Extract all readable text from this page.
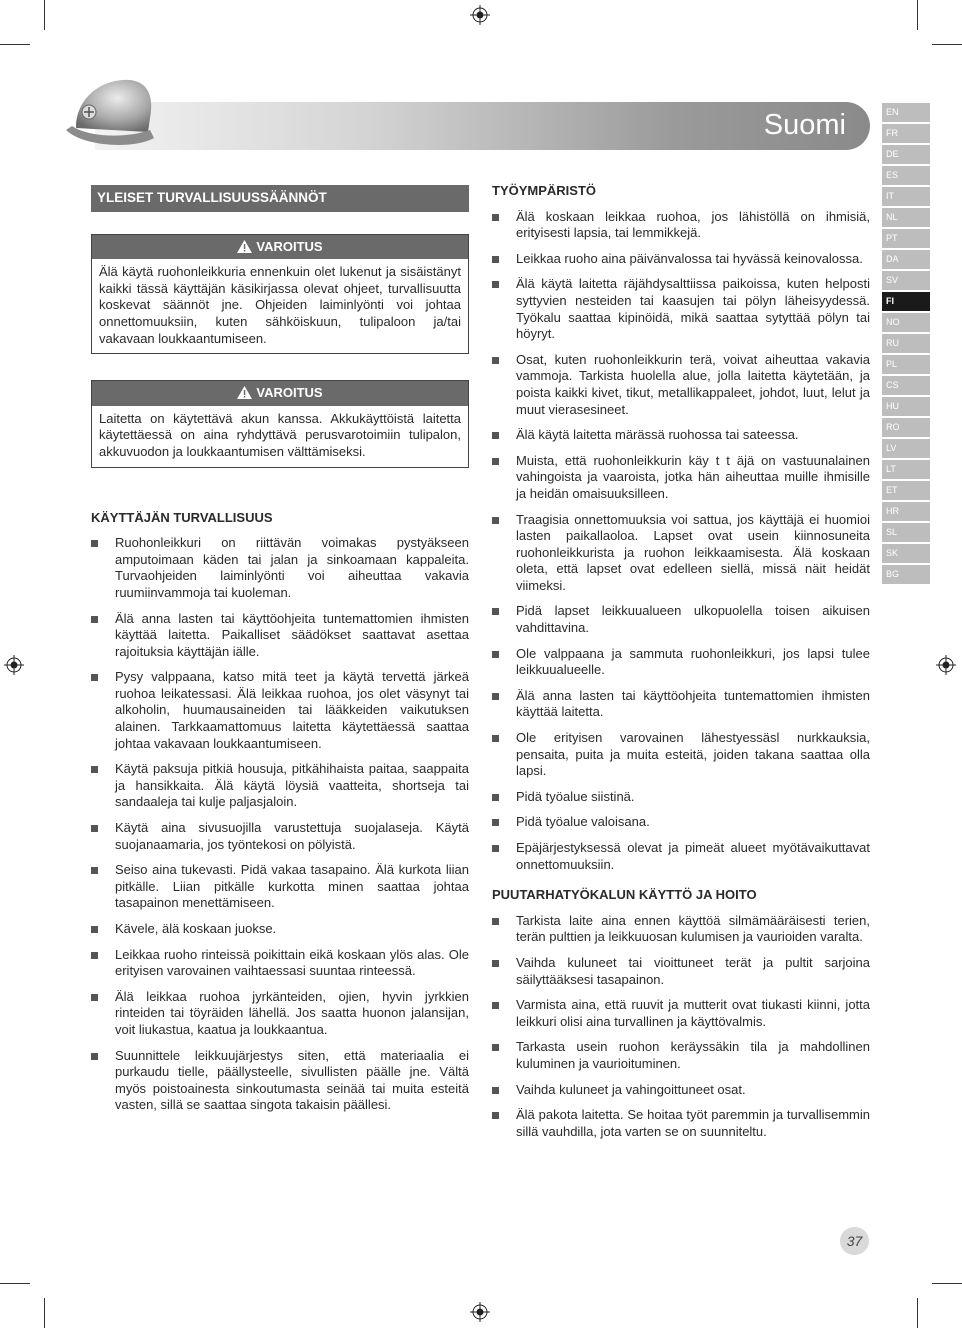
Suomi	EN
FR
DE
ES
IT
NL
PT
DA
SV
FI
NO
RU
PL
CS
HU
RO
LV
LT
ET
HR
SL
SK
BG
YLEISET TURVALLISUUSSÄÄNNÖT
VAROITUS
Älä käytä ruohonleikkuria ennenkuin olet lukenut ja sisäistänyt kaikki tässä käyttäjän käsikirjassa olevat ohjeet, turvallisuutta koskevat säännöt jne. Ohjeiden laiminlyönti voi johtaa onnettomuuksiin, kuten sähköiskuun, tulipaloon ja/tai vakavaan loukkaantumiseen.
VAROITUS
Laitetta on käytettävä akun kanssa. Akkukäyttöistä laitetta käytettäessä on aina ryhdyttävä perusvarotoimiin tulipalon, akkuvuodon ja loukkaantumisen välttämiseksi.
KÄYTTÄJÄN TURVALLISUUS
Ruohonleikkuri on riittävän voimakas pystyäkseen amputoimaan käden tai jalan ja sinkoamaan kappaleita. Turvaohjeiden laiminlyönti voi aiheuttaa vakavia ruumiinvammoja tai kuoleman.
Älä anna lasten tai käyttöohjeita tuntemattomien ihmisten käyttää laitetta. Paikalliset säädökset saattavat asettaa rajoituksia käyttäjän iälle.
Pysy valppaana, katso mitä teet ja käytä tervettä järkeä ruohoa leikatessasi. Älä leikkaa ruohoa, jos olet väsynyt tai alkoholin, huumausaineiden tai lääkkeiden vaikutuksen alainen. Tarkkaamattomuus laitetta käytettäessä saattaa johtaa vakavaan loukkaantumiseen.
Käytä paksuja pitkiä housuja, pitkähihaista paitaa, saappaita ja hansikkaita. Älä käytä löysiä vaatteita, shortseja tai sandaaleja tai kulje paljasjaloin.
Käytä aina sivusuojilla varustettuja suojalaseja. Käytä suojanaamaria, jos työntekosi on pölyistä.
Seiso aina tukevasti. Pidä vakaa tasapaino. Älä kurkota liian pitkälle. Liian pitkälle kurkotta minen saattaa johtaa tasapainon menettämiseen.
Kävele, älä koskaan juokse.
Leikkaa ruoho rinteissä poikittain eikä koskaan ylös alas. Ole erityisen varovainen vaihtaessasi suuntaa rinteessä.
Älä leikkaa ruohoa jyrkänteiden, ojien, hyvin jyrkkien rinteiden tai töyräiden lähellä. Jos saatta huonon jalansijan, voit liukastua, kaatua ja loukkaantua.
Suunnittele leikkuujärjestys siten, että materiaalia ei purkaudu tielle, päällysteelle, sivullisten päälle jne. Vältä myös poistoainesta sinkoutumasta seinää tai muita esteitä vasten, sillä se saattaa singota takaisin päällesi.
TYÖYMPÄRISTÖ
Älä koskaan leikkaa ruohoa, jos lähistöllä on ihmisiä, erityisesti lapsia, tai lemmikkejä.
Leikkaa ruoho aina päivänvalossa tai hyvässä keinovalossa.
Älä käytä laitetta räjähdysalttiissa paikoissa, kuten helposti syttyvien nesteiden tai kaasujen tai pölyn läheisyydessä. Työkalu saattaa kipinöidä, mikä saattaa sytyttää pölyn tai höyryt.
Osat, kuten ruohonleikkurin terä, voivat aiheuttaa vakavia vammoja. Tarkista huolella alue, jolla laitetta käytetään, ja poista kaikki kivet, tikut, metallikappaleet, johdot, luut, lelut ja muut vierasesineet.
Älä käytä laitetta märässä ruohossa tai sateessa.
Muista, että ruohonleikkurin käy t t äjä on vastuunalainen vahingoista ja vaaroista, jotka hän aiheuttaa muille ihmisille ja heidän omaisuuksilleen.
Traagisia onnettomuuksia voi sattua, jos käyttäjä ei huomioi lasten paikallaoloa. Lapset ovat usein kiinnosuneita ruohonleikkurista ja ruohon leikkaamisesta. Älä koskaan oleta, että lapset ovat edelleen siellä, missä näit heidät viimeksi.
Pidä lapset leikkuualueen ulkopuolella toisen aikuisen vahdittavina.
Ole valppaana ja sammuta ruohonleikkuri, jos lapsi tulee leikkuualueelle.
Älä anna lasten tai käyttöohjeita tuntemattomien ihmisten käyttää laitetta.
Ole erityisen varovainen lähestyessäsl nurkkauksia, pensaita, puita ja muita esteitä, joiden takana saattaa olla lapsi.
Pidä työalue siistinä.
Pidä työalue valoisana.
Epäjärjestyksessä olevat ja pimeät alueet myötävaikuttavat onnettomuuksiin.
PUUTARHATYÖKALUN KÄYTTÖ JA HOITO
Tarkista laite aina ennen käyttöä silmämääräisesti terien, terän pulttien ja leikkuuosan kulumisen ja vaurioiden varalta.
Vaihda kuluneet tai vioittuneet terät ja pultit sarjoina säilyttääksesi tasapainon.
Varmista aina, että ruuvit ja mutterit ovat tiukasti kiinni, jotta leikkuri olisi aina turvallinen ja käyttövalmis.
Tarkasta usein ruohon keräyssäkin tila ja mahdollinen kuluminen ja vaurioituminen.
Vaihda kuluneet ja vahingoittuneet osat.
Älä pakota laitetta. Se hoitaa työt paremmin ja turvallisemmin sillä vauhdilla, jota varten se on suunniteltu.
37
